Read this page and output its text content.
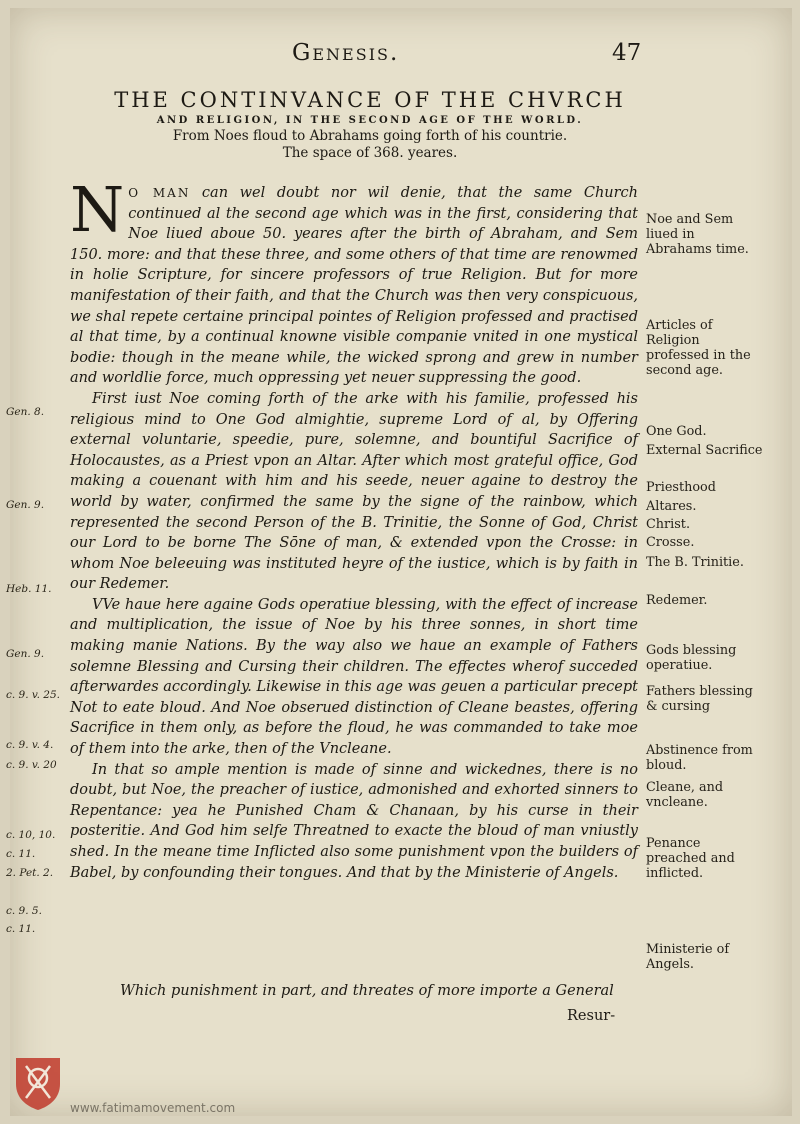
Genesis.	47
THE CONTINVANCE OF THE CHVRCH

AND RELIGION, IN THE SECOND AGE OF THE WORLD.

From Noes floud to Abrahams going forth of his countrie.

The space of 368. yeares.

N O MAN can wel doubt nor wil denie, that the same Church continued al the second age which was in the first, considering that Noe liued aboue 50. yeares after the birth of Abraham, and Sem 150. more: and that these three, and some others of that time are renowmed in holie Scripture, for sincere professors of true Religion. But for more manifestation of their faith, and that the Church was then very conspicuous, we shal repete certaine principal pointes of Religion professed and practised al that time, by a continual knowne visible companie vnited in one mystical bodie: though in the meane while, the wicked sprong and grew in number and worldlie force, much oppressing yet neuer suppressing the good.

First iust Noe coming forth of the arke with his familie, professed his religious mind to One God almightie, supreme Lord of al, by Offering external voluntarie, speedie, pure, solemne, and bountiful Sacrifice of Holocaustes, as a Priest vpon an Altar. After which most grateful office, God making a couenant with him and his seede, neuer againe to destroy the world by water, confirmed the same by the signe of the rainbow, which represented the second Person of the B. Trinitie, the Sonne of God, Christ our Lord to be borne The Sōne of man, & extended vpon the Crosse: in whom Noe beleeuing was instituted heyre of the iustice, which is by faith in our Redemer.

VVe haue here againe Gods operatiue blessing, with the effect of increase and multiplication, the issue of Noe by his three sonnes, in short time making manie Nations. By the way also we haue an example of Fathers solemne Blessing and Cursing their children. The effectes wherof succeded afterwardes accordingly. Likewise in this age was geuen a particular precept Not to eate bloud. And Noe obserued distinction of Cleane beastes, offering Sacrifice in them only, as before the floud, he was commanded to take moe of them into the arke, then of the Vncleane.

In that so ample mention is made of sinne and wickednes, there is no doubt, but Noe, the preacher of iustice, admonished and exhorted sinners to Repentance: yea he Punished Cham & Chanaan, by his curse in their posteritie. And God him selfe Threatned to exacte the bloud of man vniustly shed. In the meane time Inflicted also some punishment vpon the builders of Babel, by confounding their tongues. And that by the Ministerie of Angels.

Which punishment in part, and threates of more importe a General
Resur-
Noe and Sem liued in Abrahams time.
Articles of Religion professed in the second age.
One God.
External Sacrifice
Priesthood
Altares.
Christ.
Crosse.
The B. Trinitie.
Redemer.
Gods blessing operatiue.
Fathers blessing & cursing
Abstinence from bloud.
Cleane, and vncleane.
Penance preached and inflicted.
Ministerie of Angels.
Gen. 8.
Gen. 9.
Heb. 11.
Gen. 9.
c. 9. v. 25.
c. 9. v. 4.
c. 9. v. 20
c. 10, 10.
c. 11.
2. Pet. 2.
c. 9. 5.
c. 11.
www.fatimamovement.com
